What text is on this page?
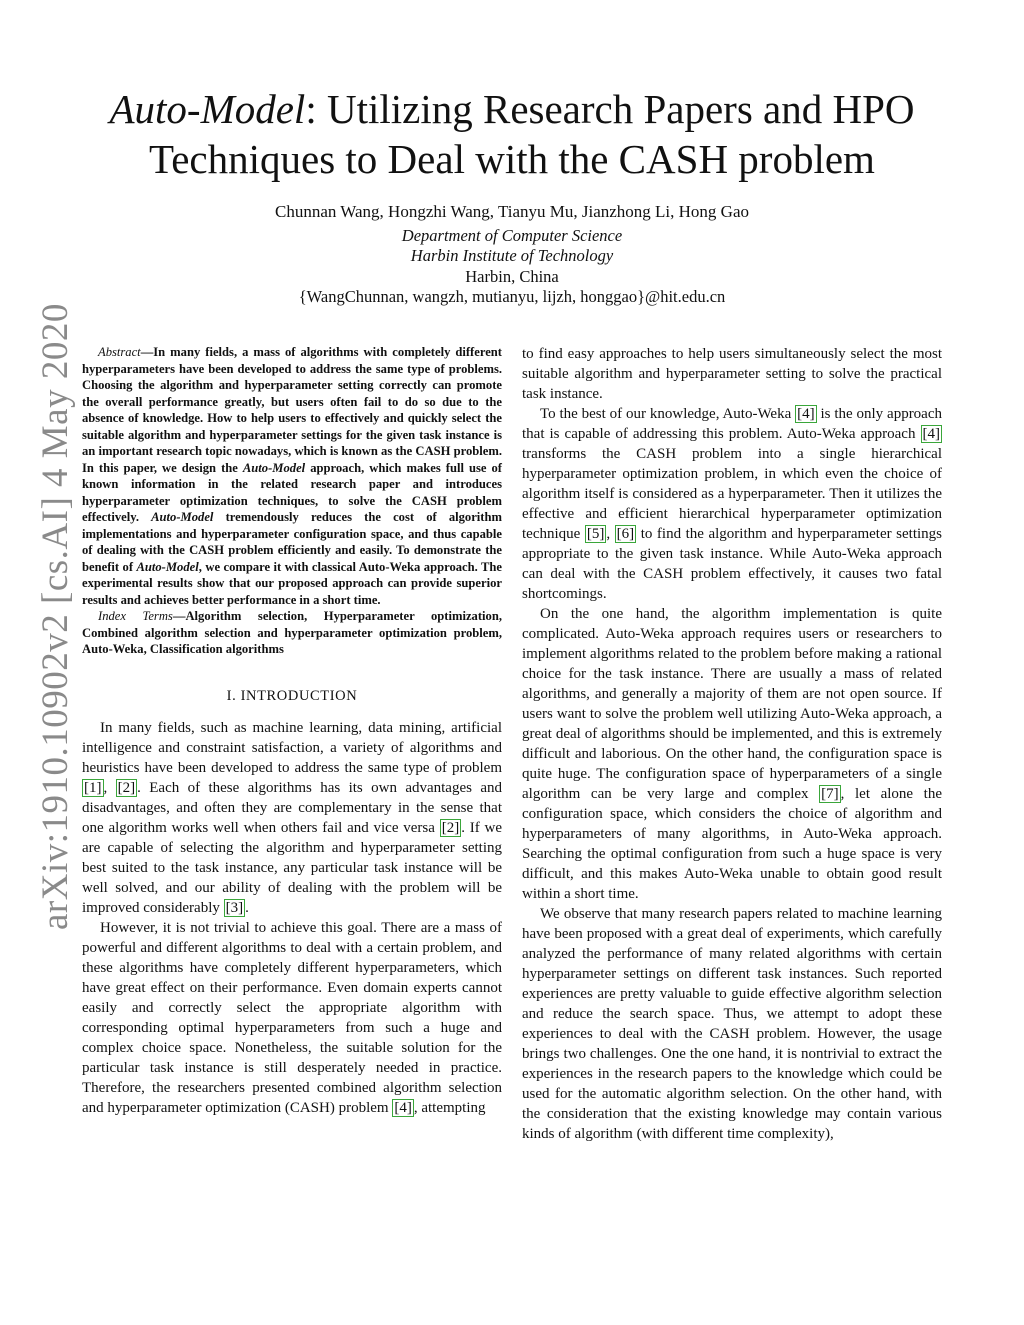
arXiv:1910.10902v2 [cs.AI] 4 May 2020
Auto-Model: Utilizing Research Papers and HPO
Techniques to Deal with the CASH problem
Chunnan Wang, Hongzhi Wang, Tianyu Mu, Jianzhong Li, Hong Gao
Department of Computer Science
Harbin Institute of Technology
Harbin, China
{WangChunnan, wangzh, mutianyu, lijzh, honggao}@hit.edu.cn

Abstract—In many fields, a mass of algorithms with completely different hyperparameters have been developed to address the same type of problems. Choosing the algorithm and hyperparameter setting correctly can promote the overall performance greatly, but users often fail to do so due to the absence of knowledge. How to help users to effectively and quickly select the suitable algorithm and hyperparameter settings for the given task instance is an important research topic nowadays, which is known as the CASH problem. In this paper, we design the Auto-Model approach, which makes full use of known information in the related research paper and introduces hyperparameter optimization techniques, to solve the CASH problem effectively. Auto-Model tremendously reduces the cost of algorithm implementations and hyperparameter configuration space, and thus capable of dealing with the CASH problem efficiently and easily. To demonstrate the benefit of Auto-Model, we compare it with classical Auto-Weka approach. The experimental results show that our proposed approach can provide superior results and achieves better performance in a short time.

Index Terms—Algorithm selection, Hyperparameter optimization, Combined algorithm selection and hyperparameter optimization problem, Auto-Weka, Classification algorithms

I. INTRODUCTION

In many fields, such as machine learning, data mining, artificial intelligence and constraint satisfaction, a variety of algorithms and heuristics have been developed to address the same type of problem [1] , [2] . Each of these algorithms has its own advantages and disadvantages, and often they are complementary in the sense that one algorithm works well when others fail and vice versa [2] . If we are capable of selecting the algorithm and hyperparameter setting best suited to the task instance, any particular task instance will be well solved, and our ability of dealing with the problem will be improved considerably [3] .

However, it is not trivial to achieve this goal. There are a mass of powerful and different algorithms to deal with a certain problem, and these algorithms have completely different hyperparameters, which have great effect on their performance. Even domain experts cannot easily and correctly select the appropriate algorithm with corresponding optimal hyperparameters from such a huge and complex choice space. Nonetheless, the suitable solution for the particular task instance is still desperately needed in practice. Therefore, the researchers presented combined algorithm selection and hyperparameter optimization (CASH) problem [4] , attempting

to find easy approaches to help users simultaneously select the most suitable algorithm and hyperparameter setting to solve the practical task instance.

To the best of our knowledge, Auto-Weka [4] is the only approach that is capable of addressing this problem. Auto-Weka approach [4] transforms the CASH problem into a single hierarchical hyperparameter optimization problem, in which even the choice of algorithm itself is considered as a hyperparameter. Then it utilizes the effective and efficient hierarchical hyperparameter optimization technique [5] , [6] to find the algorithm and hyperparameter settings appropriate to the given task instance. While Auto-Weka approach can deal with the CASH problem effectively, it causes two fatal shortcomings.

On the one hand, the algorithm implementation is quite complicated. Auto-Weka approach requires users or researchers to implement algorithms related to the problem before making a rational choice for the task instance. There are usually a mass of related algorithms, and generally a majority of them are not open source. If users want to solve the problem well utilizing Auto-Weka approach, a great deal of algorithms should be implemented, and this is extremely difficult and laborious. On the other hand, the configuration space is quite huge. The configuration space of hyperparameters of a single algorithm can be very large and complex [7] , let alone the configuration space, which considers the choice of algorithm and hyperparameters of many algorithms, in Auto-Weka approach. Searching the optimal configuration from such a huge space is very difficult, and this makes Auto-Weka unable to obtain good result within a short time.

We observe that many research papers related to machine learning have been proposed with a great deal of experiments, which carefully analyzed the performance of many related algorithms with certain hyperparameter settings on different task instances. Such reported experiences are pretty valuable to guide effective algorithm selection and reduce the search space. Thus, we attempt to adopt these experiences to deal with the CASH problem. However, the usage brings two challenges. One the one hand, it is nontrivial to extract the experiences in the research papers to the knowledge which could be used for the automatic algorithm selection. On the other hand, with the consideration that the existing knowledge may contain various kinds of algorithm (with different time complexity),
